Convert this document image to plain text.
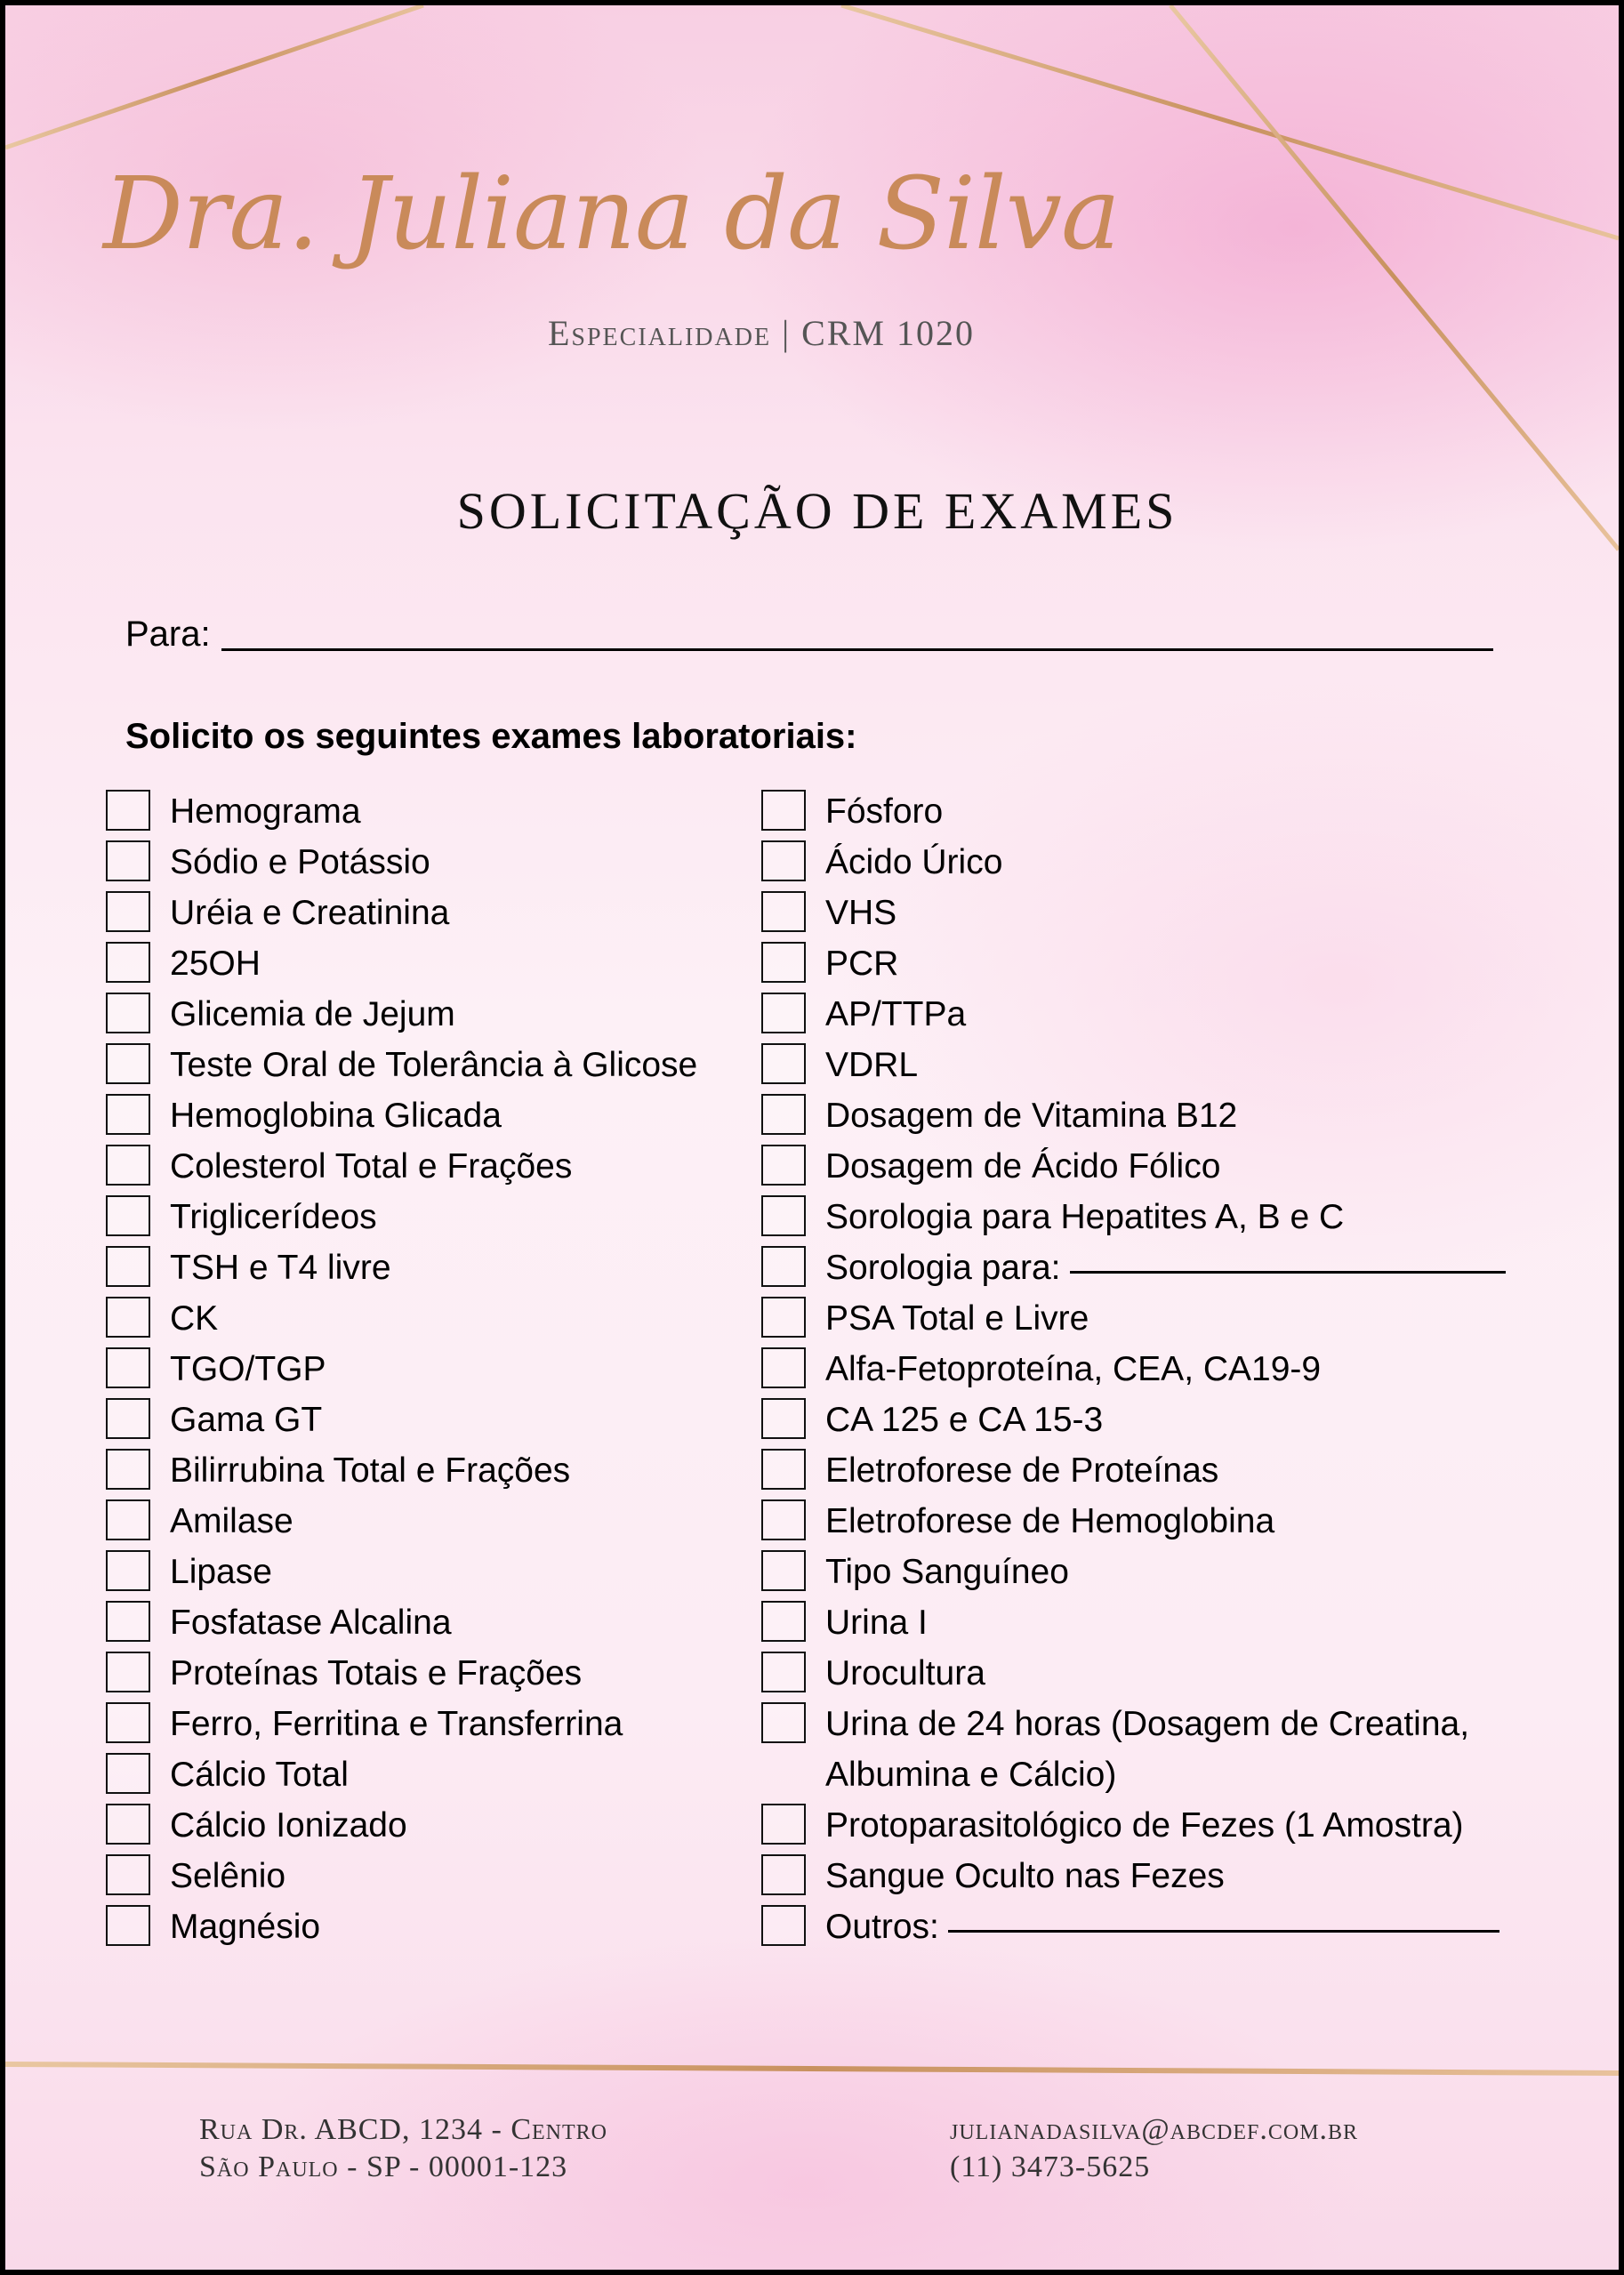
Dra. Juliana da Silva
Especialidade | CRM 1020
SOLICITAÇÃO DE EXAMES
Para:
Solicito os seguintes exames laboratoriais:
Hemograma
Sódio e Potássio
Uréia e Creatinina
25OH
Glicemia de Jejum
Teste Oral de Tolerância à Glicose
Hemoglobina Glicada
Colesterol Total e Frações
Triglicerídeos
TSH e T4 livre
CK
TGO/TGP
Gama GT
Bilirrubina Total e Frações
Amilase
Lipase
Fosfatase Alcalina
Proteínas Totais e Frações
Ferro, Ferritina e Transferrina
Cálcio Total
Cálcio Ionizado
Selênio
Magnésio
Fósforo
Ácido Úrico
VHS
PCR
AP/TTPa
VDRL
Dosagem de Vitamina B12
Dosagem de Ácido Fólico
Sorologia para Hepatites A, B e C
Sorologia para:
PSA Total e Livre
Alfa-Fetoproteína, CEA, CA19-9
CA 125 e CA 15-3
Eletroforese de Proteínas
Eletroforese de Hemoglobina
Tipo Sanguíneo
Urina I
Urocultura
Urina de 24 horas (Dosagem de Creatina, Albumina e Cálcio)
Protoparasitológico de Fezes (1 Amostra)
Sangue Oculto nas Fezes
Outros:
Rua Dr. ABCD, 1234 - Centro
São Paulo - SP - 00001-123
julianadasilva@abcdef.com.br
(11) 3473-5625
